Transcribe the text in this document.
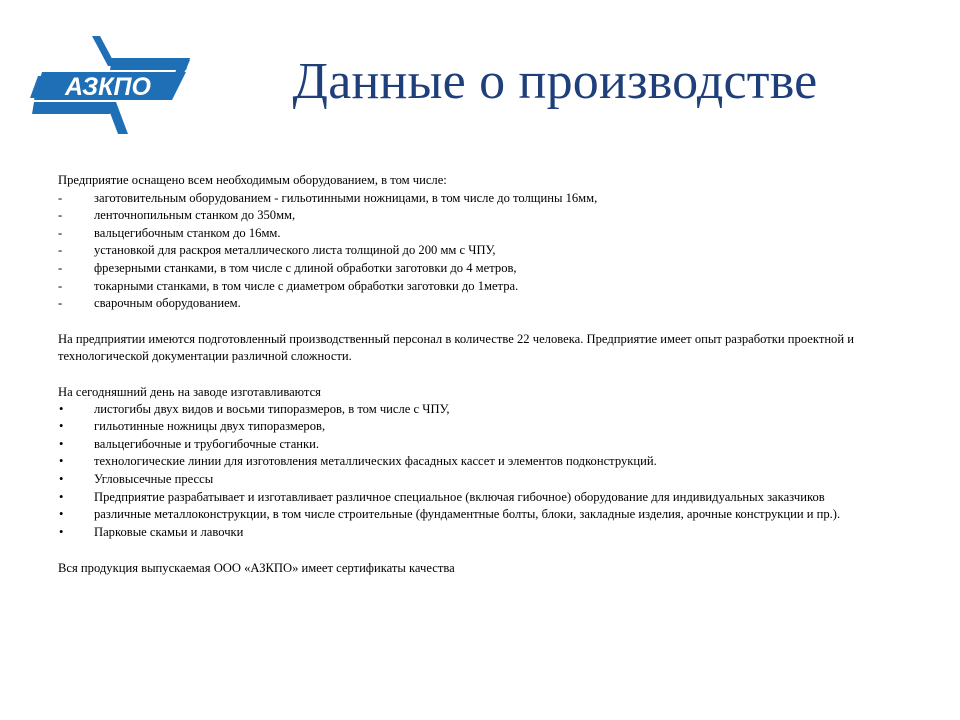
АЗКПО	Данные о производстве

Предприятие оснащено всем необходимым оборудованием, в том числе:

-	заготовительным оборудованием - гильотинными ножницами, в том числе до толщины 16мм,
-	ленточнопильным станком до 350мм,
-	вальцегибочным станком до 16мм.
-	установкой для раскроя металлического листа толщиной до 200 мм с ЧПУ,
-	фрезерными станками, в том числе с длиной обработки заготовки до 4 метров,
-	токарными станками, в том числе с диаметром обработки заготовки до 1метра.
-	сварочным оборудованием.

На предприятии имеются подготовленный производственный персонал в количестве 22 человека. Предприятие имеет опыт разработки проектной и технологической документации различной сложности.

На сегодняшний день на заводе изготавливаются

•	листогибы двух видов и восьми типоразмеров, в том числе с ЧПУ,
•	гильотинные ножницы двух типоразмеров,
•	вальцегибочные и трубогибочные станки.
•	технологические линии для изготовления металлических фасадных кассет и элементов подконструкций.
•	Угловысечные прессы
•	Предприятие разрабатывает и изготавливает различное специальное (включая гибочное) оборудование для индивидуальных заказчиков
•	различные металлоконструкции, в том числе строительные (фундаментные болты, блоки, закладные изделия, арочные конструкции и пр.).
•	Парковые скамьи и лавочки

Вся продукция выпускаемая ООО «АЗКПО» имеет сертификаты качества
